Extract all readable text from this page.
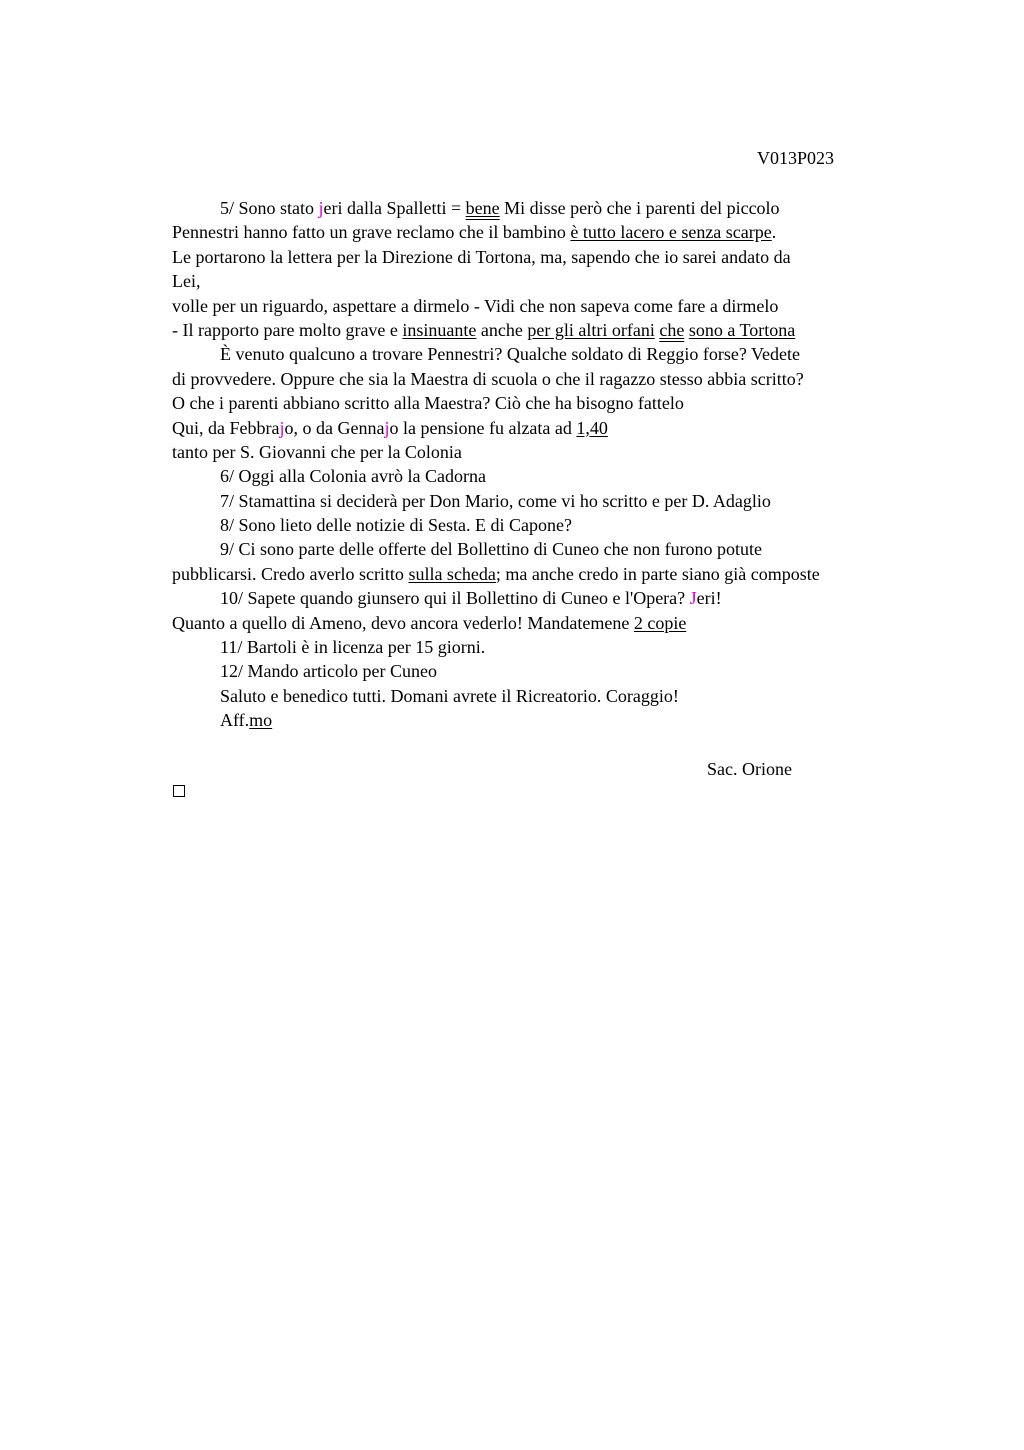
V013P023
5/ Sono stato jeri dalla Spalletti = bene Mi disse però che i parenti del piccolo
Pennestri hanno fatto un grave reclamo che il bambino è tutto lacero e senza scarpe.
Le portarono la lettera per la Direzione di Tortona, ma, sapendo che io sarei andato da
Lei,
volle per un riguardo, aspettare a dirmelo - Vidi che non sapeva come fare a dirmelo
- Il rapporto pare molto grave e insinuante anche per gli altri orfani che sono a Tortona
È venuto qualcuno a trovare Pennestri? Qualche soldato di Reggio forse? Vedete
di provvedere. Oppure che sia la Maestra di scuola o che il ragazzo stesso abbia scritto?
O che i parenti abbiano scritto alla Maestra? Ciò che ha bisogno fattelo
Qui, da Febbrajo, o da Gennajo la pensione fu alzata ad 1,40
tanto per S. Giovanni che per la Colonia
6/ Oggi alla Colonia avrò la Cadorna
7/ Stamattina si deciderà per Don Mario, come vi ho scritto e per D. Adaglio
8/ Sono lieto delle notizie di Sesta. E di Capone?
9/ Ci sono parte delle offerte del Bollettino di Cuneo che non furono potute
pubblicarsi. Credo averlo scritto sulla scheda; ma anche credo in parte siano già composte
10/ Sapete quando giunsero qui il Bollettino di Cuneo e l'Opera? Jeri!
Quanto a quello di Ameno, devo ancora vederlo! Mandatemene 2 copie
11/ Bartoli è in licenza per 15 giorni.
12/ Mando articolo per Cuneo
Saluto e benedico tutti. Domani avrete il Ricreatorio. Coraggio!
Aff.mo
Sac. Orione
